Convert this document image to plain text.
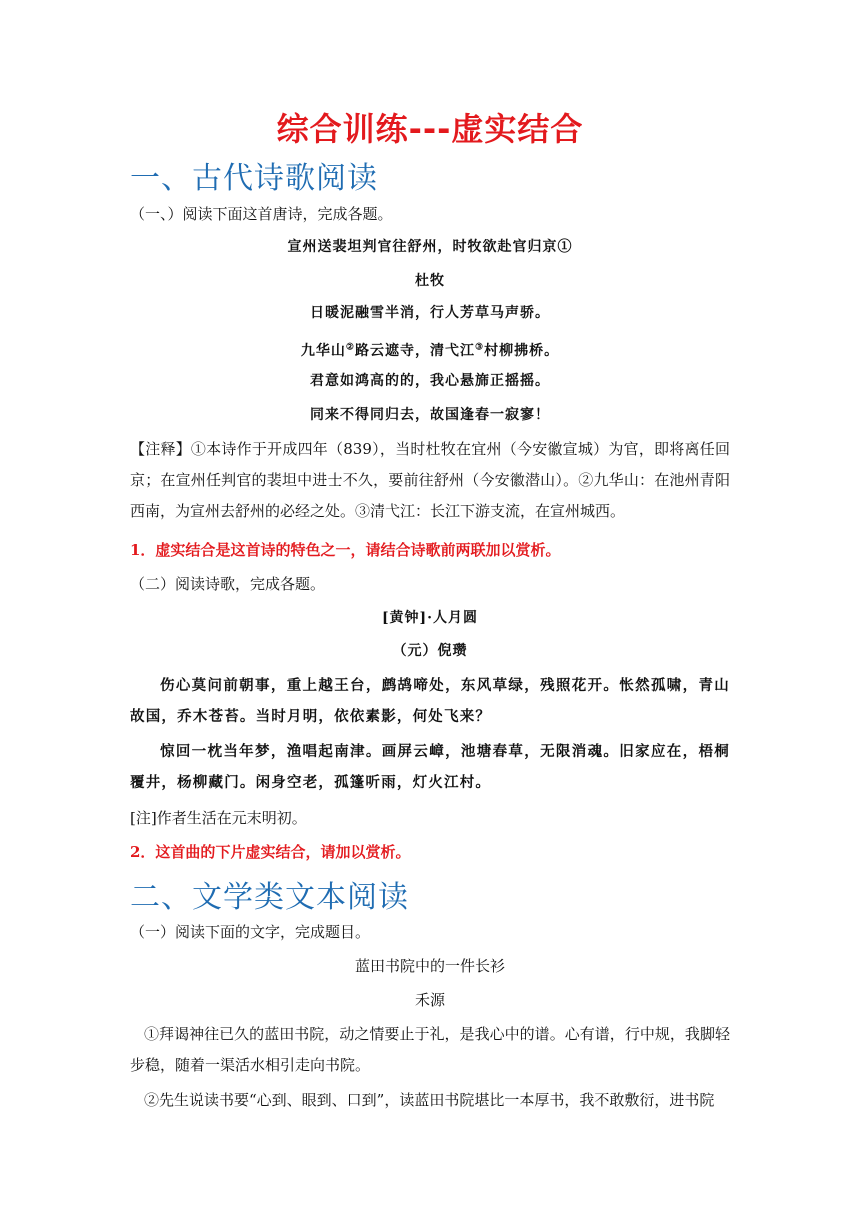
综合训练---虚实结合
一、古代诗歌阅读
（一、）阅读下面这首唐诗，完成各题。
宣州送裴坦判官往舒州，时牧欲赴官归京①
杜牧
日暖泥融雪半消，行人芳草马声骄。
九华山②路云遮寺，清弋江③村柳拂桥。
君意如鸿高的的，我心悬旆正摇摇。
同来不得同归去，故国逢春一寂寥！
【注释】①本诗作于开成四年（839），当时杜牧在宜州（今安徽宣城）为官，即将离任回京；在宣州任判官的裴坦中进士不久，要前往舒州（今安徽潜山）。②九华山：在池州青阳西南，为宣州去舒州的必经之处。③清弋江：长江下游支流，在宣州城西。
1．虚实结合是这首诗的特色之一，请结合诗歌前两联加以赏析。
（二）阅读诗歌，完成各题。
[黄钟]·人月圆
（元）倪瓒
伤心莫问前朝事，重上越王台，鹧鸪啼处，东风草绿，残照花开。怅然孤啸，青山故国，乔木苍苔。当时月明，依依素影，何处飞来？
惊回一枕当年梦，渔唱起南津。画屏云嶂，池塘春草，无限消魂。旧家应在，梧桐覆井，杨柳藏门。闲身空老，孤篷听雨，灯火江村。
[注]作者生活在元末明初。
2．这首曲的下片虚实结合，请加以赏析。
二、文学类文本阅读
（一）阅读下面的文字，完成题目。
蓝田书院中的一件长衫
禾源
①拜谒神往已久的蓝田书院，动之情要止于礼，是我心中的谱。心有谱，行中规，我脚轻步稳，随着一渠活水相引走向书院。
②先生说读书要“心到、眼到、口到”，读蓝田书院堪比一本厚书，我不敢敷衍，进书院
